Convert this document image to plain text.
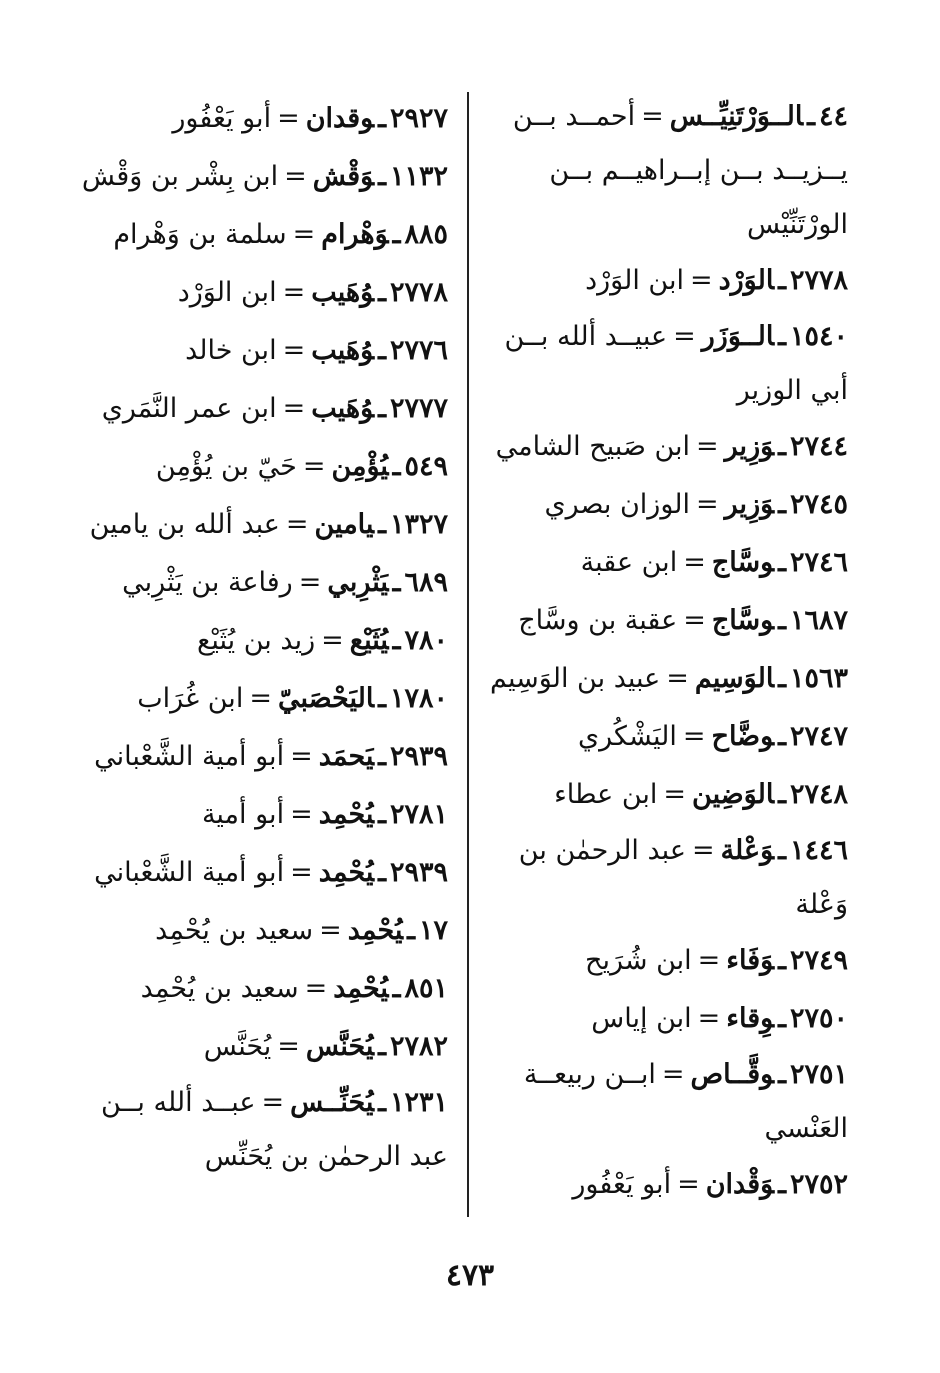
٤٤ـالــوَرْتَنِيِّــس=أحمــد بــن يــزيــد بــن إبــراهيــم بــن الورْتَنِّيْس
٢٧٧٨ـالوَرْد=ابن الوَرْد
١٥٤٠ـالــوَزَر=عبيــد ألله بــن أبي الوزير
٢٧٤٤ـوَزِير=ابن صَبيح الشامي
٢٧٤٥ـوَزِير=الوزان بصري
٢٧٤٦ـوسَّاج=ابن عقبة
١٦٨٧ـوسَّاج=عقبة بن وسَّاج
١٥٦٣ـالوَسِيم=عبيد بن الوَسِيم
٢٧٤٧ـوضَّاح=اليَشْكُري
٢٧٤٨ـالوَضِين=ابن عطاء
١٤٤٦ـوَعْلة=عبد الرحمٰن بن وَعْلة
٢٧٤٩ـوَفَاء=ابن شُرَيح
٢٧٥٠ـوِقاء=ابن إياس
٢٧٥١ـوقَّــاص=ابــن ربيعــة العَنْسي
٢٧٥٢ـوَقْدان=أبو يَعْفُور
٢٩٢٧ـوقدان=أبو يَعْفُور
١١٣٢ـوَقْش=ابن بِشْر بن وَقْش
٨٨٥ـوَهْرام=سلمة بن وَهْرام
٢٧٧٨ـوُهَيب=ابن الوَرْد
٢٧٧٦ـوُهَيب=ابن خالد
٢٧٧٧ـوُهَيب=ابن عمر النَّمَري
٥٤٩ـيُؤْمِن=حَيّ بن يُؤْمِن
١٣٢٧ـيامين=عبد ألله بن يامين
٦٨٩ـيَثْرِبي=رفاعة بن يَثْرِبي
٧٨٠ـيُثَيْع=زيد بن يُثَيْع
١٧٨٠ـاليَحْصَبيّ=ابن غُرَاب
٢٩٣٩ـيَحمَد=أبو أمية الشَّعْباني
٢٧٨١ـيُحْمِد=أبو أمية
٢٩٣٩ـيُحْمِد=أبو أمية الشَّعْباني
١٧ـيُحْمِد=سعيد بن يُحْمِد
٨٥١ـيُحْمِد=سعيد بن يُحْمِد
٢٧٨٢ـيُحَنَّس=يُحَنَّس
١٢٣١ـيُحَنِّــس=عبــد ألله بــن عبد الرحمٰن بن يُحَنِّس
٤٧٣
